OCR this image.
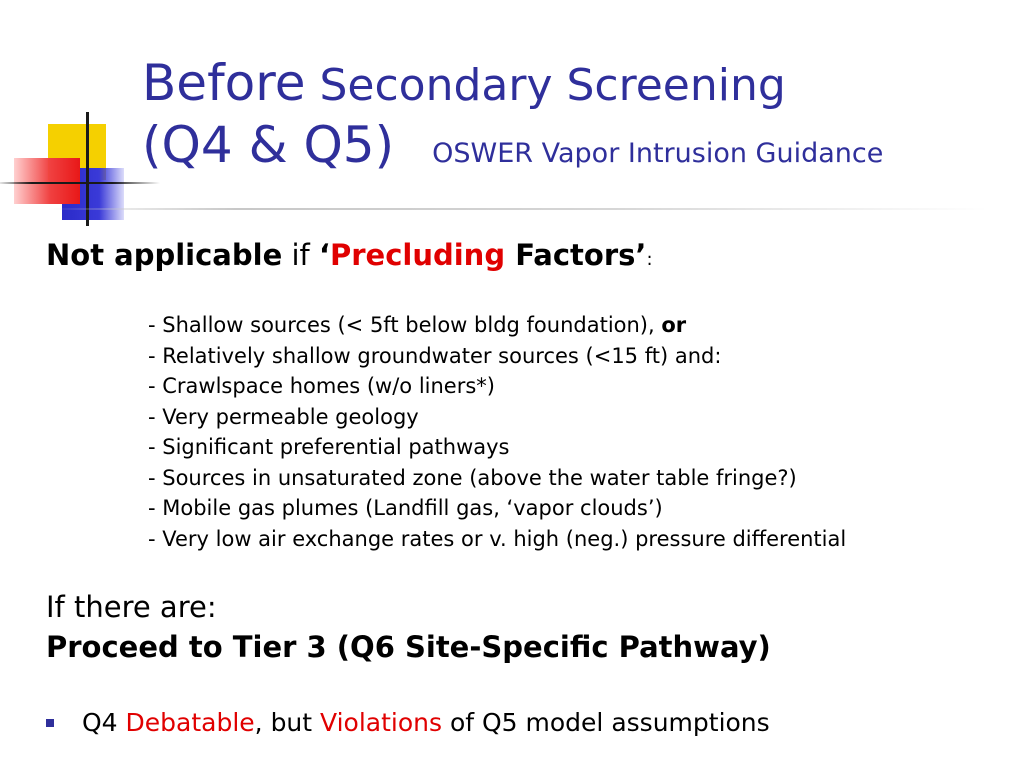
Before Secondary Screening
(Q4 & Q5) OSWER Vapor Intrusion Guidance
Not applicable if ‘Precluding Factors’:
- Shallow sources (< 5ft below bldg foundation), or
- Relatively shallow groundwater sources (<15 ft) and:
- Crawlspace homes (w/o liners*)
- Very permeable geology
- Significant preferential pathways
- Sources in unsaturated zone (above the water table fringe?)
- Mobile gas plumes (Landfill gas, ‘vapor clouds’)
- Very low air exchange rates or v. high (neg.) pressure differential
If there are:
Proceed to Tier 3 (Q6 Site-Specific Pathway)
Q4 Debatable, but Violations of Q5 model assumptions
